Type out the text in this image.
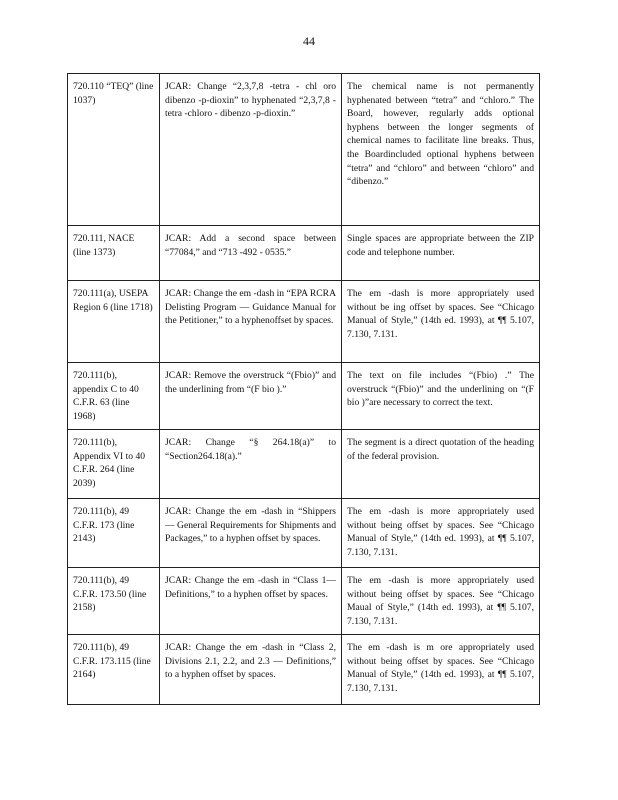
44
720.110 “TEQ” (line 1037)	JCAR: Change “2,3,7,8 -tetra - chl oro dibenzo -p-dioxin” to hyphenated “2,3,7,8 -tetra -chloro - dibenzo -p-dioxin.”	The chemical name is not permanently hyphenated between “tetra” and “chloro.” The Board, however, regularly adds optional hyphens between the longer segments of chemical names to facilitate line breaks. Thus, the Boardincluded optional hyphens between “tetra” and “chloro” and between “chloro” and “dibenzo.”
720.111, NACE (line 1373)	JCAR: Add a second space between “77084,” and “713 -492 - 0535.”	Single spaces are appropriate between the ZIP code and telephone number.
720.111(a), USEPA Region 6 (line 1718)	JCAR: Change the em -dash in “EPA RCRA Delisting Program — Guidance Manual for the Petitioner,” to a hyphenoffset by spaces.	The em -dash is more appropriately used without be ing offset by spaces. See “Chicago Manual of Style,” (14th ed. 1993), at ¶¶ 5.107, 7.130, 7.131.
720.111(b), appendix C to 40 C.F.R. 63 (line 1968)	JCAR: Remove the overstruck “(Fbio)” and the underlining from “(F bio ).”	The text on file includes “(Fbio) .” The overstruck “(Fbio)” and the underlining on “(F bio )”are necessary to correct the text.
720.111(b), Appendix VI to 40 C.F.R. 264 (line 2039)	JCAR: Change “§ 264.18(a)” to “Section264.18(a).”	The segment is a direct quotation of the heading of the federal provision.
720.111(b), 49 C.F.R. 173 (line 2143)	JCAR: Change the em -dash in “Shippers — General Requirements for Shipments and Packages,” to a hyphen offset by spaces.	The em -dash is more appropriately used without being offset by spaces. See “Chicago Manual of Style,” (14th ed. 1993), at ¶¶ 5.107, 7.130, 7.131.
720.111(b), 49 C.F.R. 173.50 (line 2158)	JCAR: Change the em -dash in “Class 1— Definitions,” to a hyphen offset by spaces.	The em -dash is more appropriately used without being offset by spaces. See “Chicago Maual of Style,” (14th ed. 1993), at ¶¶ 5.107, 7.130, 7.131.
720.111(b), 49 C.F.R. 173.115 (line 2164)	JCAR: Change the em -dash in “Class 2, Divisions 2.1, 2.2, and 2.3 — Definitions,” to a hyphen offset by spaces.	The em -dash is m ore appropriately used without being offset by spaces. See “Chicago Manual of Style,” (14th ed. 1993), at ¶¶ 5.107, 7.130, 7.131.
